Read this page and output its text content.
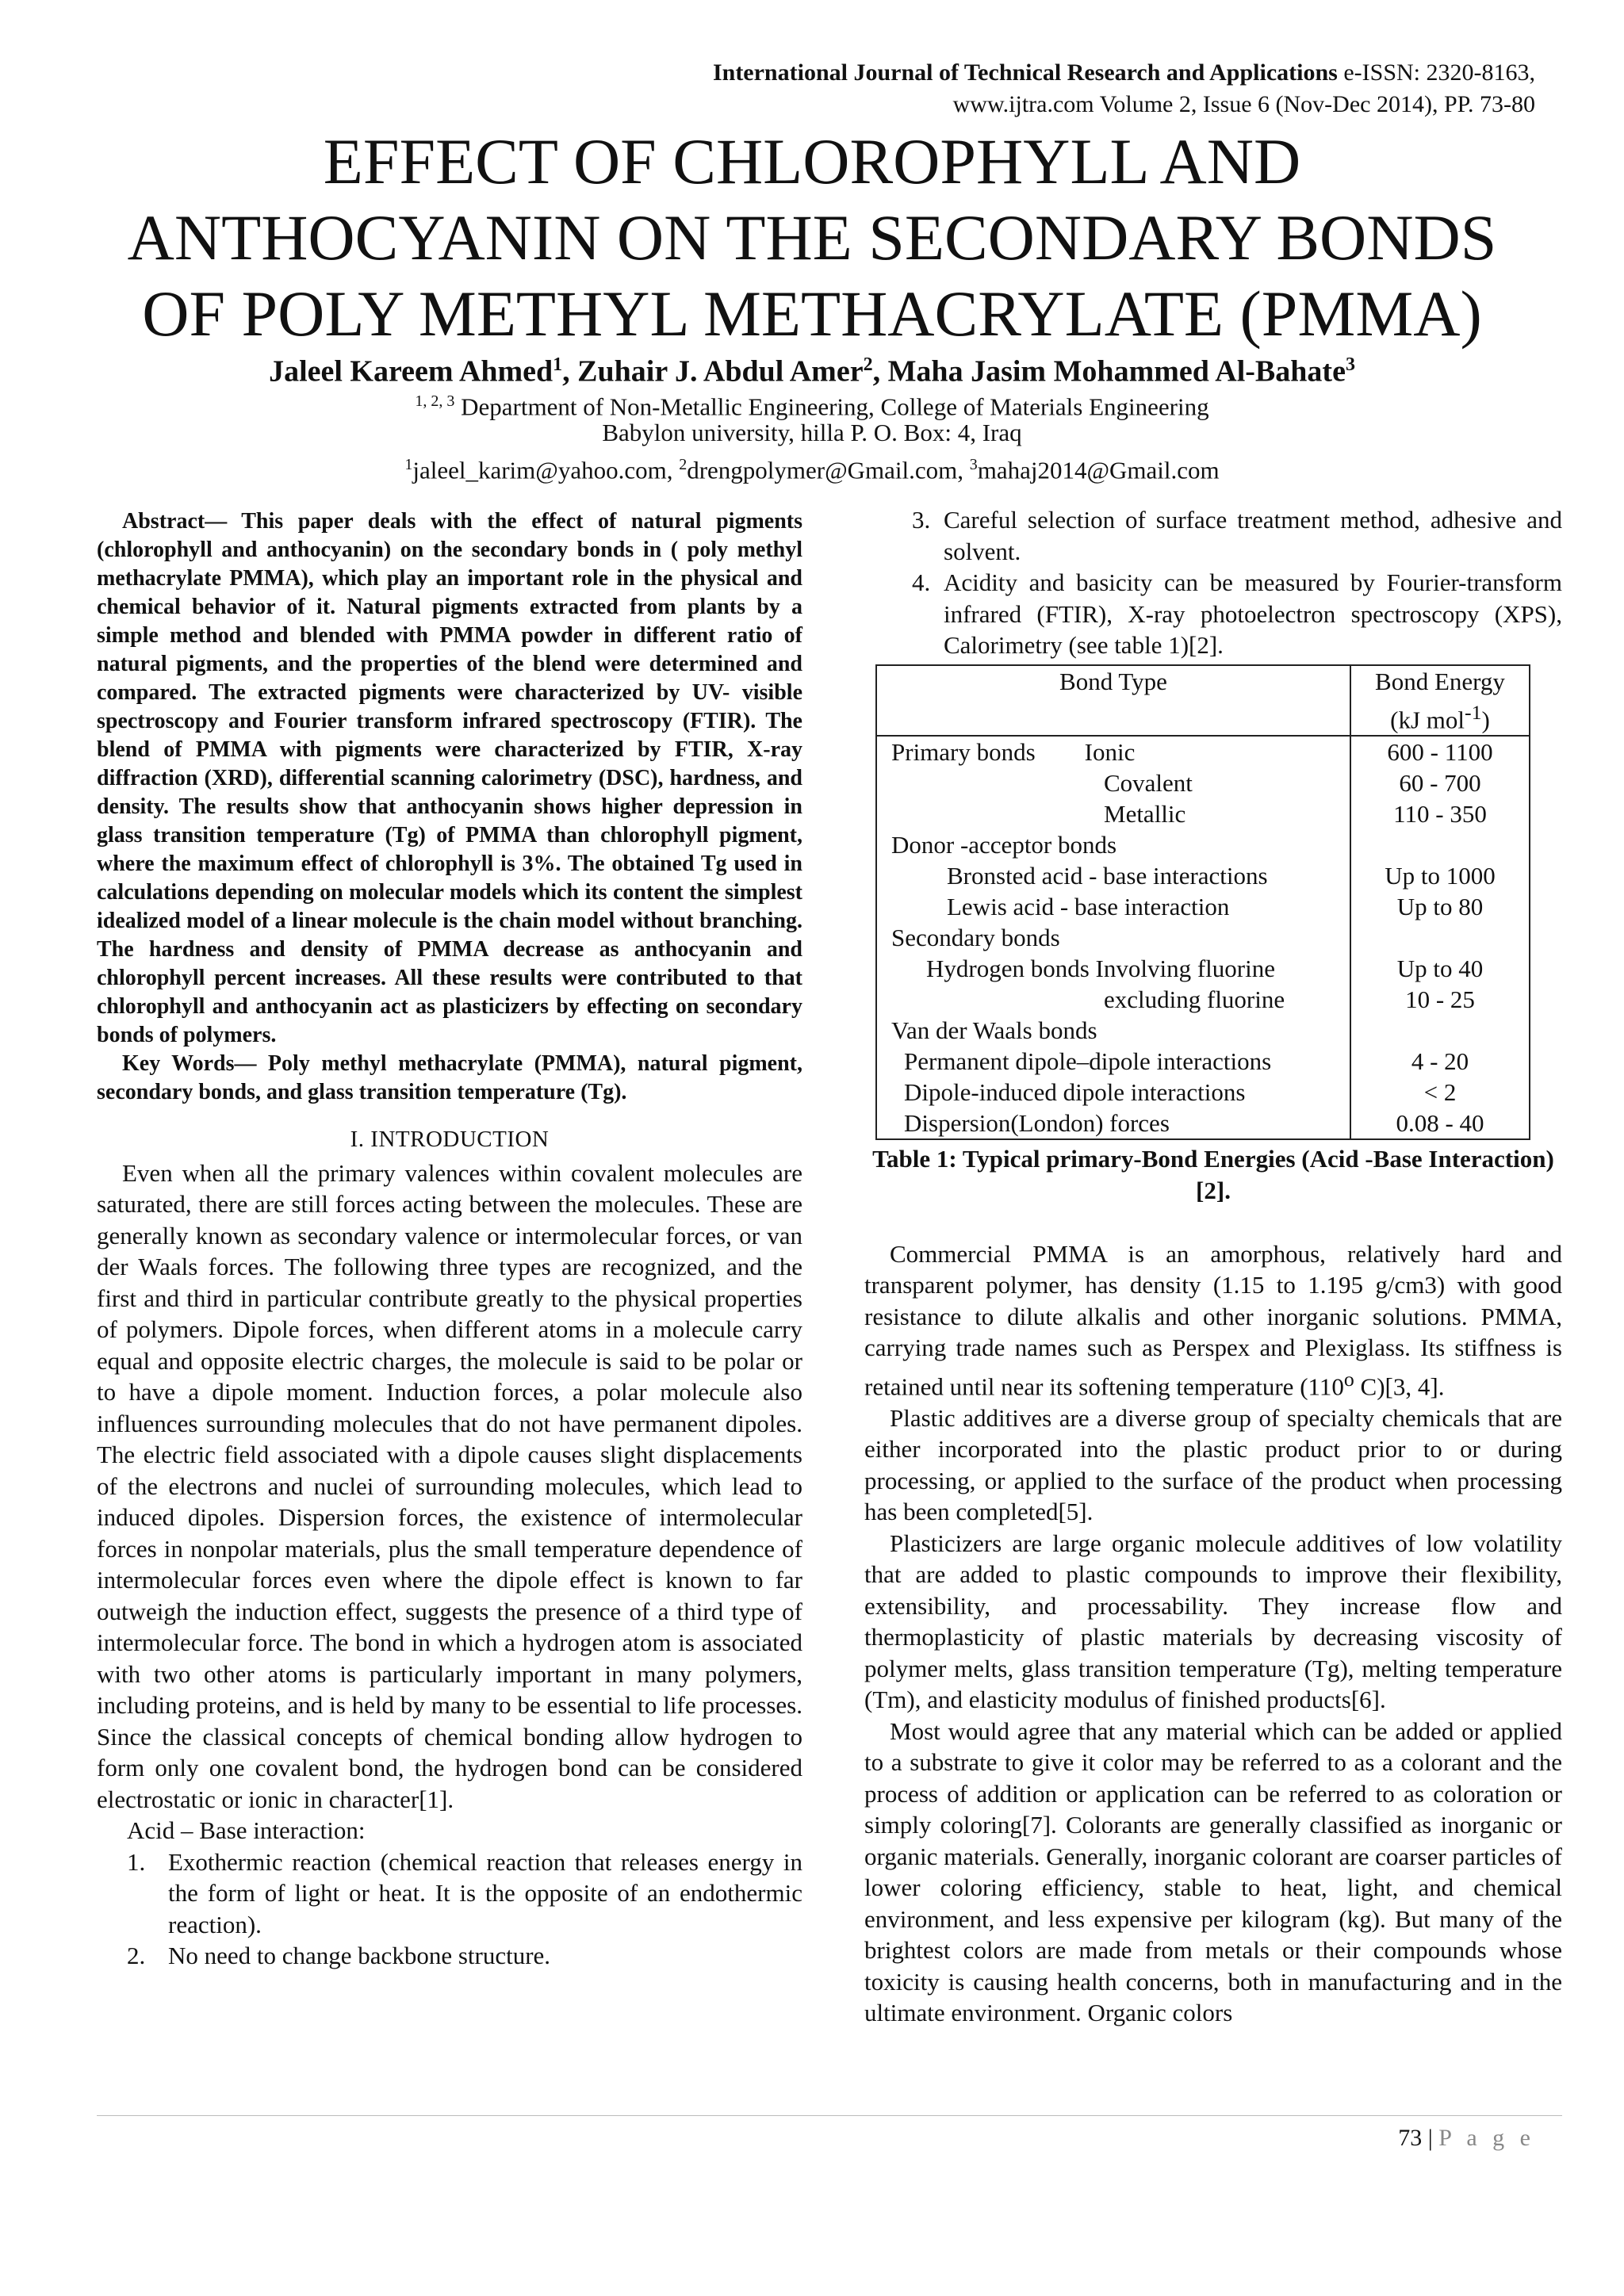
International Journal of Technical Research and Applications e-ISSN: 2320-8163,
www.ijtra.com Volume 2, Issue 6 (Nov-Dec 2014), PP. 73-80
EFFECT OF CHLOROPHYLL AND
ANTHOCYANIN ON THE SECONDARY BONDS
OF POLY METHYL METHACRYLATE (PMMA)
Jaleel Kareem Ahmed$^1$, Zuhair J. Abdul Amer$^2$, Maha Jasim Mohammed Al-Bahate$^3$
$^{1, 2, 3}$ Department of Non-Metallic Engineering, College of Materials Engineering
Babylon university, hilla P. O. Box: 4, Iraq
$^1$jaleel_karim@yahoo.com, $^2$drengpolymer@Gmail.com, $^3$mahaj2014@Gmail.com

Abstract— This paper deals with the effect of natural pigments (chlorophyll and anthocyanin) on the secondary bonds in ( poly methyl methacrylate PMMA), which play an important role in the physical and chemical behavior of it. Natural pigments extracted from plants by a simple method and blended with PMMA powder in different ratio of natural pigments, and the properties of the blend were determined and compared. The extracted pigments were characterized by UV- visible spectroscopy and Fourier transform infrared spectroscopy (FTIR). The blend of PMMA with pigments were characterized by FTIR, X-ray diffraction (XRD), differential scanning calorimetry (DSC), hardness, and density. The results show that anthocyanin shows higher depression in glass transition temperature (Tg) of PMMA than chlorophyll pigment, where the maximum effect of chlorophyll is 3%. The obtained Tg used in calculations depending on molecular models which its content the simplest idealized model of a linear molecule is the chain model without branching. The hardness and density of PMMA decrease as anthocyanin and chlorophyll percent increases. All these results were contributed to that chlorophyll and anthocyanin act as plasticizers by effecting on secondary bonds of polymers.

Key Words— Poly methyl methacrylate (PMMA), natural pigment, secondary bonds, and glass transition temperature (Tg).

I. INTRODUCTION

Even when all the primary valences within covalent molecules are saturated, there are still forces acting between the molecules. These are generally known as secondary valence or intermolecular forces, or van der Waals forces. The following three types are recognized, and the first and third in particular contribute greatly to the physical properties of polymers. Dipole forces, when different atoms in a molecule carry equal and opposite electric charges, the molecule is said to be polar or to have a dipole moment. Induction forces, a polar molecule also influences surrounding molecules that do not have permanent dipoles. The electric field associated with a dipole causes slight displacements of the electrons and nuclei of surrounding molecules, which lead to induced dipoles. Dispersion forces, the existence of intermolecular forces in nonpolar materials, plus the small temperature dependence of intermolecular forces even where the dipole effect is known to far outweigh the induction effect, suggests the presence of a third type of intermolecular force. The bond in which a hydrogen atom is associated with two other atoms is particularly important in many polymers, including proteins, and is held by many to be essential to life processes. Since the classical concepts of chemical bonding allow hydrogen to form only one covalent bond, the hydrogen bond can be considered electrostatic or ionic in character[1].

Acid – Base interaction:

1. Exothermic reaction (chemical reaction that releases energy in the form of light or heat. It is the opposite of an endothermic reaction).
2. No need to change backbone structure.
3. Careful selection of surface treatment method, adhesive and solvent.
4. Acidity and basicity can be measured by Fourier-transform infrared (FTIR), X-ray photoelectron spectroscopy (XPS), Calorimetry (see table 1)[2].
Bond Type	Bond Energy
(kJ mol$^{-1}$)
Primary bonds        Ionic	600 - 1100
Covalent	60 - 700
Metallic	110 - 350
Donor -acceptor bonds	
Bronsted acid - base interactions	Up to 1000
Lewis acid - base interaction	Up to 80
Secondary bonds	
Hydrogen bonds Involving fluorine	Up to 40
excluding fluorine	10 - 25
Van der Waals bonds	
Permanent dipole–dipole interactions	4 - 20
Dipole-induced dipole interactions	< 2
Dispersion(London) forces	0.08 - 40
Table 1: Typical primary-Bond Energies (Acid -Base Interaction)[2].

Commercial PMMA is an amorphous, relatively hard and transparent polymer, has density (1.15 to 1.195 g/cm3) with good resistance to dilute alkalis and other inorganic solutions. PMMA, carrying trade names such as Perspex and Plexiglass. Its stiffness is retained until near its softening temperature (110$^o$ C)[3, 4].

Plastic additives are a diverse group of specialty chemicals that are either incorporated into the plastic product prior to or during processing, or applied to the surface of the product when processing has been completed[5].

Plasticizers are large organic molecule additives of low volatility that are added to plastic compounds to improve their flexibility, extensibility, and processability. They increase flow and thermoplasticity of plastic materials by decreasing viscosity of polymer melts, glass transition temperature (Tg), melting temperature (Tm), and elasticity modulus of finished products[6].

Most would agree that any material which can be added or applied to a substrate to give it color may be referred to as a colorant and the process of addition or application can be referred to as coloration or simply coloring[7]. Colorants are generally classified as inorganic or organic materials. Generally, inorganic colorant are coarser particles of lower coloring efficiency, stable to heat, light, and chemical environment, and less expensive per kilogram (kg). But many of the brightest colors are made from metals or their compounds whose toxicity is causing health concerns, both in manufacturing and in the ultimate environment. Organic colors

73 | P a g e
